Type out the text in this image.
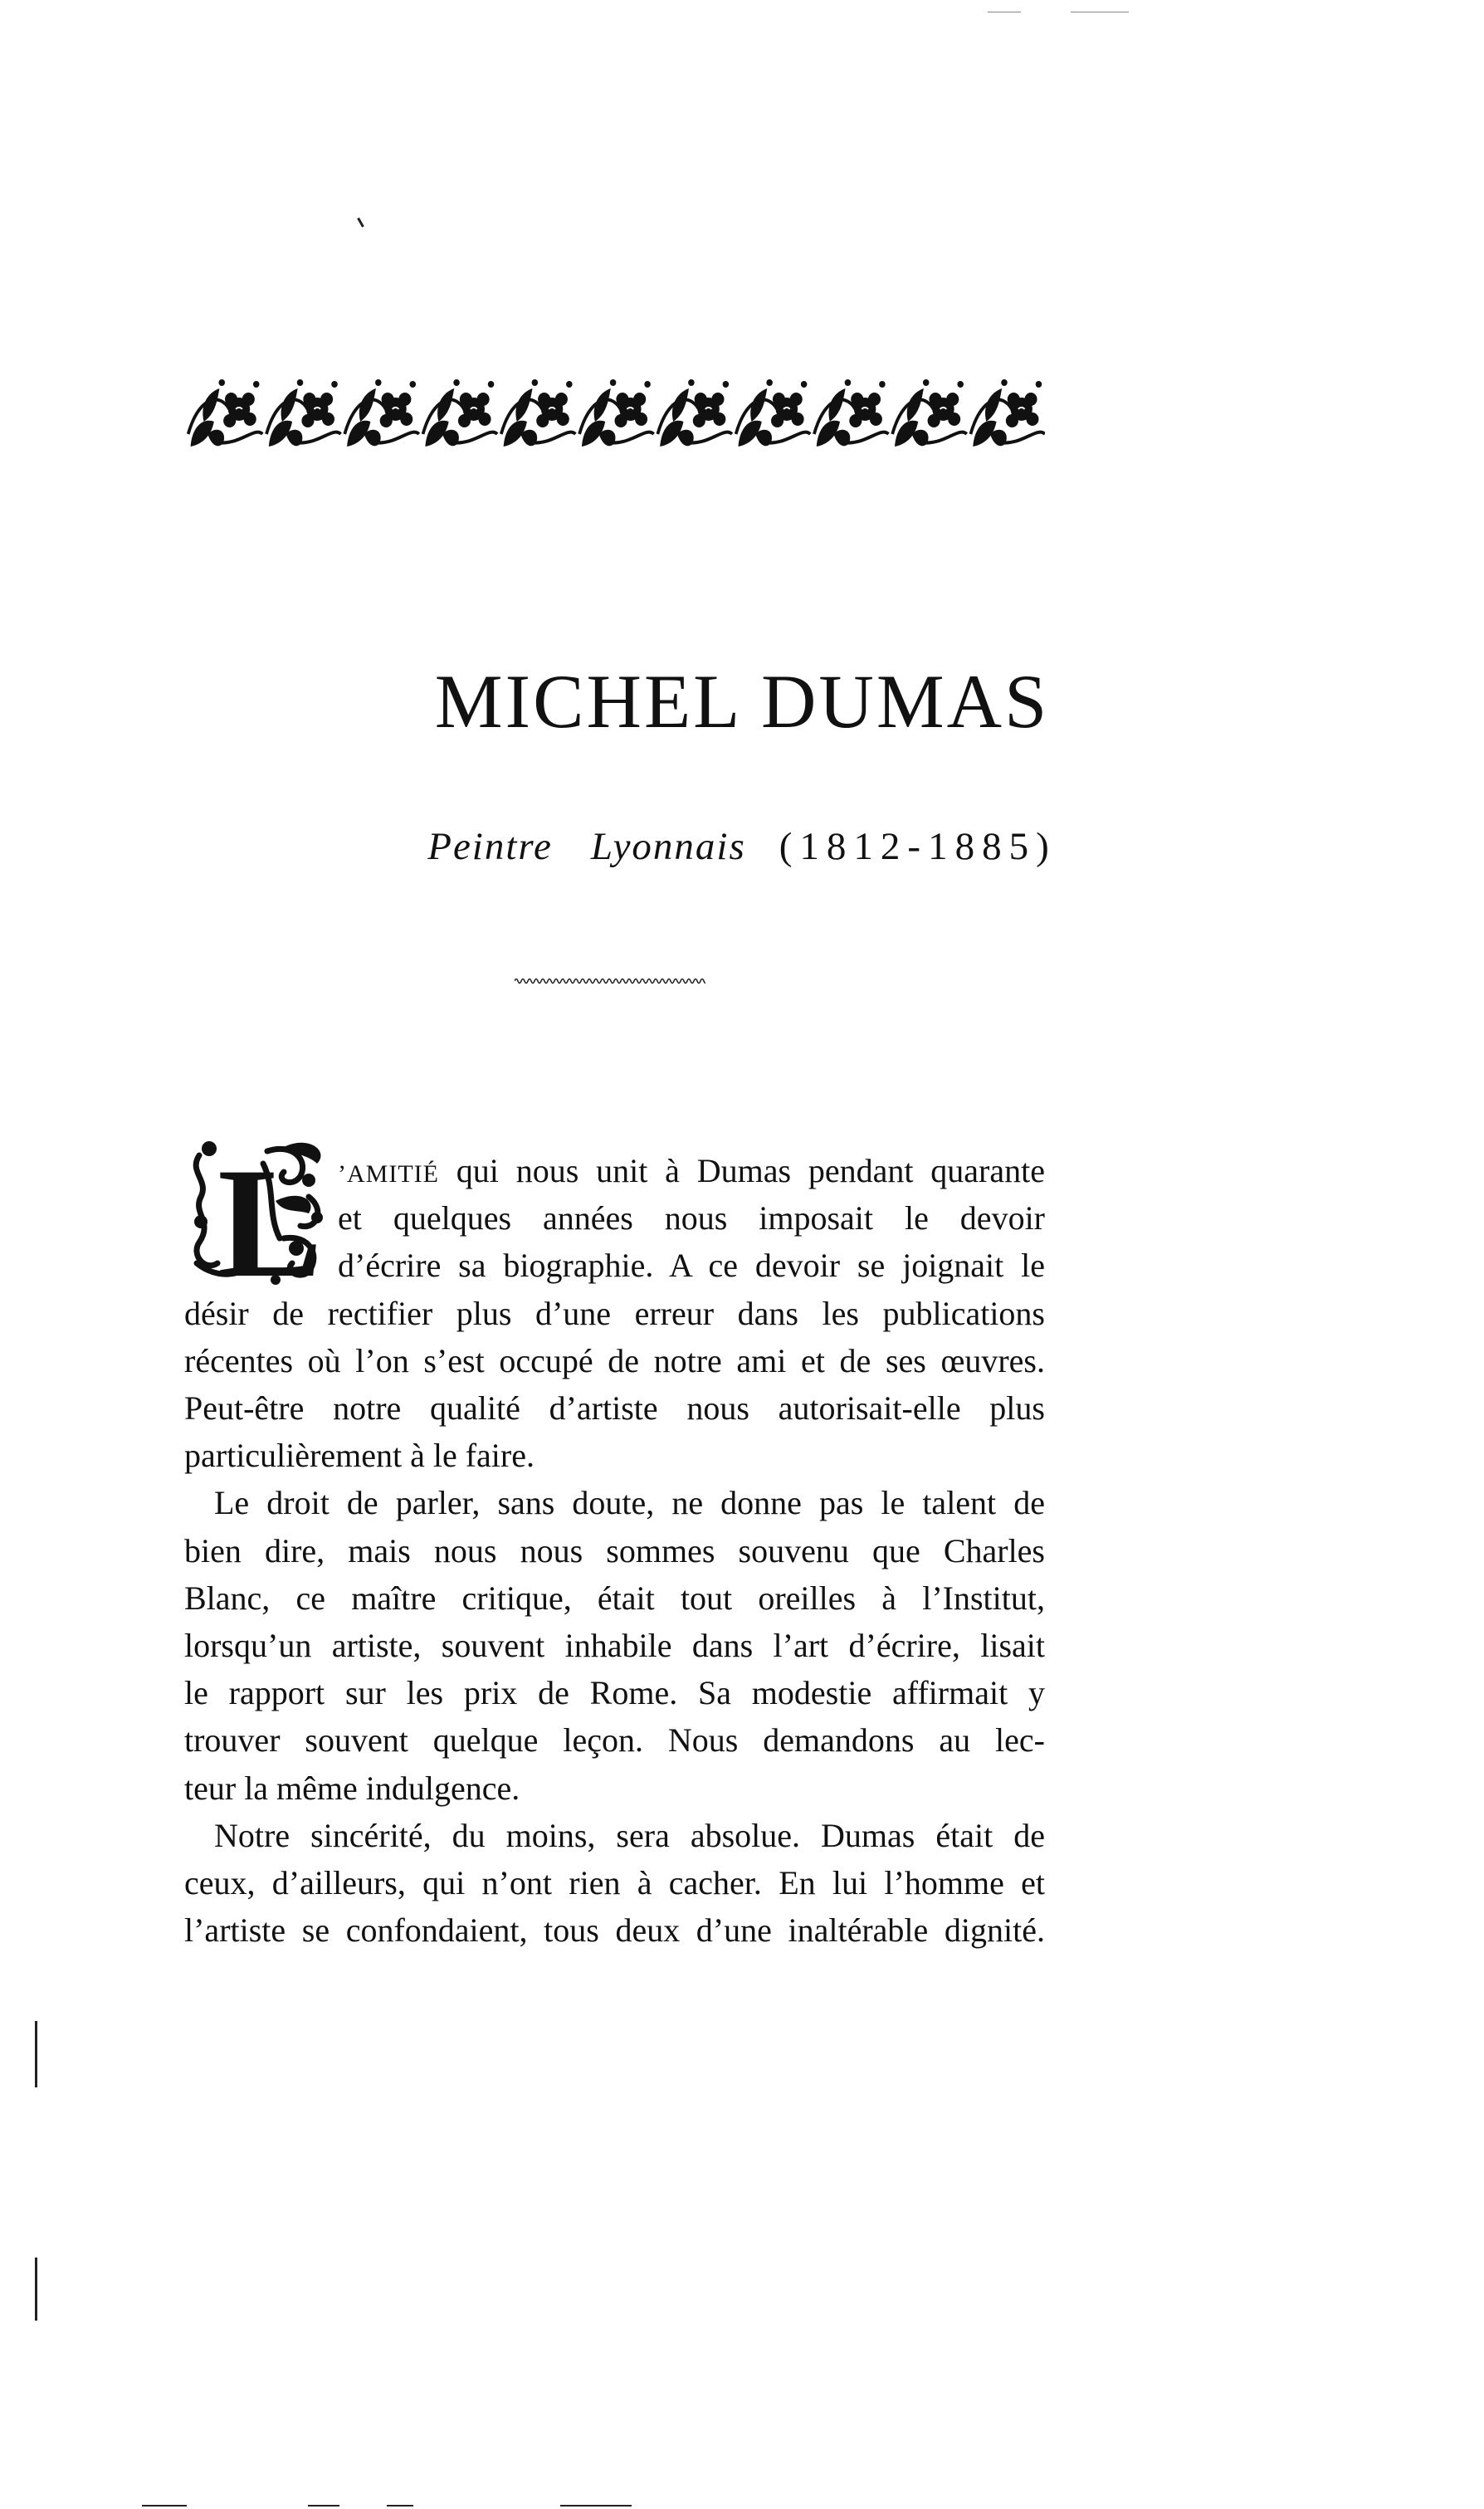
MICHEL DUMAS
Peintre Lyonnais (1812-1885)
L ’AMITIÉ qui nous unit à Dumas pendant quarante
et quelques années nous imposait le devoir
d’écrire sa biographie. A ce devoir se joignait le
désir de rectifier plus d’une erreur dans les publications
récentes où l’on s’est occupé de notre ami et de ses œuvres.
Peut-être notre qualité d’artiste nous autorisait-elle plus
particulièrement à le faire.
Le droit de parler, sans doute, ne donne pas le talent de
bien dire, mais nous nous sommes souvenu que Charles
Blanc, ce maître critique, était tout oreilles à l’Institut,
lorsqu’un artiste, souvent inhabile dans l’art d’écrire, lisait
le rapport sur les prix de Rome. Sa modestie affirmait y
trouver souvent quelque leçon. Nous demandons au lec-
teur la même indulgence.
Notre sincérité, du moins, sera absolue. Dumas était de
ceux, d’ailleurs, qui n’ont rien à cacher. En lui l’homme et
l’artiste se confondaient, tous deux d’une inaltérable dignité.
